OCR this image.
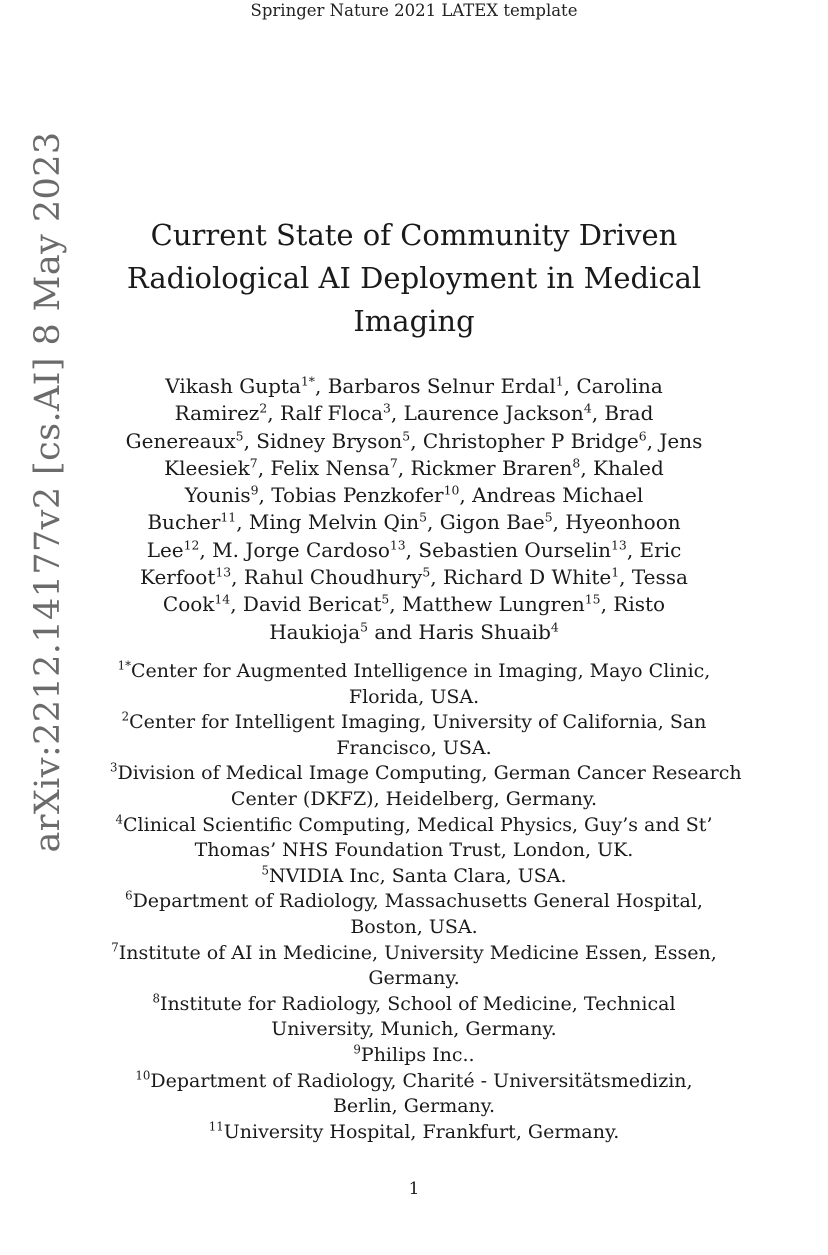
Springer Nature 2021 LATEX template
arXiv:2212.14177v2 [cs.AI] 8 May 2023	Current State of Community Driven
Radiological AI Deployment in Medical
Imaging
Vikash Gupta$^{1*}$, Barbaros Selnur Erdal$^1$, Carolina
Ramirez$^2$, Ralf Floca$^3$, Laurence Jackson$^4$, Brad
Genereaux$^5$, Sidney Bryson$^5$, Christopher P Bridge$^6$, Jens
Kleesiek$^7$, Felix Nensa$^7$, Rickmer Braren$^8$, Khaled
Younis$^9$, Tobias Penzkofer$^{10}$, Andreas Michael
Bucher$^{11}$, Ming Melvin Qin$^5$, Gigon Bae$^5$, Hyeonhoon
Lee$^{12}$, M. Jorge Cardoso$^{13}$, Sebastien Ourselin$^{13}$, Eric
Kerfoot$^{13}$, Rahul Choudhury$^5$, Richard D White$^1$, Tessa
Cook$^{14}$, David Bericat$^5$, Matthew Lungren$^{15}$, Risto
Haukioja$^5$ and Haris Shuaib$^4$
$^{1*}$Center for Augmented Intelligence in Imaging, Mayo Clinic,
Florida, USA.
$^2$Center for Intelligent Imaging, University of California, San
Francisco, USA.
$^3$Division of Medical Image Computing, German Cancer Research
Center (DKFZ), Heidelberg, Germany.
$^4$Clinical Scientific Computing, Medical Physics, Guy’s and St’
Thomas’ NHS Foundation Trust, London, UK.
$^5$NVIDIA Inc, Santa Clara, USA.
$^6$Department of Radiology, Massachusetts General Hospital,
Boston, USA.
$^7$Institute of AI in Medicine, University Medicine Essen, Essen,
Germany.
$^8$Institute for Radiology, School of Medicine, Technical
University, Munich, Germany.
$^9$Philips Inc..
$^{10}$Department of Radiology, Charité - Universitätsmedizin,
Berlin, Germany.
$^{11}$University Hospital, Frankfurt, Germany.
1
